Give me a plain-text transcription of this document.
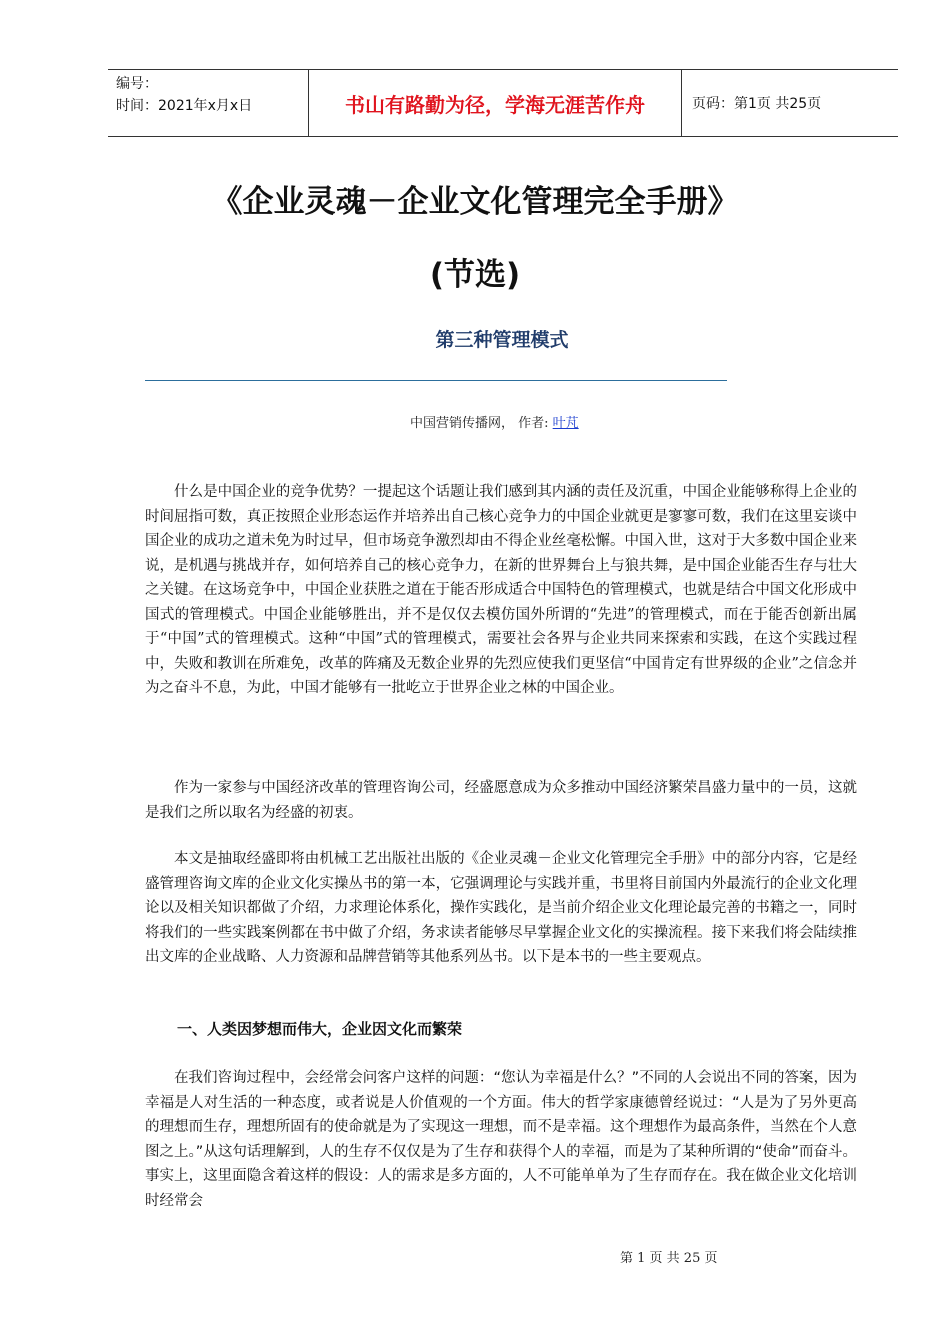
编号：
时间：2021年x月x日	书山有路勤为径，学海无涯苦作舟	页码：第1页 共25页
《企业灵魂－企业文化管理完全手册》
(节选)
第三种管理模式
中国营销传播网， 作者: 叶芃

什么是中国企业的竞争优势？一提起这个话题让我们感到其内涵的责任及沉重，中国企业能够称得上企业的时间屈指可数，真正按照企业形态运作并培养出自己核心竞争力的中国企业就更是寥寥可数，我们在这里妄谈中国企业的成功之道未免为时过早，但市场竞争激烈却由不得企业丝毫松懈。中国入世，这对于大多数中国企业来说，是机遇与挑战并存，如何培养自己的核心竞争力，在新的世界舞台上与狼共舞，是中国企业能否生存与壮大之关键。在这场竞争中，中国企业获胜之道在于能否形成适合中国特色的管理模式，也就是结合中国文化形成中国式的管理模式。中国企业能够胜出，并不是仅仅去模仿国外所谓的“先进”的管理模式，而在于能否创新出属于“中国”式的管理模式。这种“中国”式的管理模式，需要社会各界与企业共同来探索和实践，在这个实践过程中，失败和教训在所难免，改革的阵痛及无数企业界的先烈应使我们更坚信“中国肯定有世界级的企业”之信念并为之奋斗不息，为此，中国才能够有一批屹立于世界企业之林的中国企业。

作为一家参与中国经济改革的管理咨询公司，经盛愿意成为众多推动中国经济繁荣昌盛力量中的一员，这就是我们之所以取名为经盛的初衷。

本文是抽取经盛即将由机械工艺出版社出版的《企业灵魂－企业文化管理完全手册》中的部分内容，它是经盛管理咨询文库的企业文化实操丛书的第一本，它强调理论与实践并重，书里将目前国内外最流行的企业文化理论以及相关知识都做了介绍，力求理论体系化，操作实践化，是当前介绍企业文化理论最完善的书籍之一，同时将我们的一些实践案例都在书中做了介绍，务求读者能够尽早掌握企业文化的实操流程。接下来我们将会陆续推出文库的企业战略、人力资源和品牌营销等其他系列丛书。以下是本书的一些主要观点。

一、人类因梦想而伟大，企业因文化而繁荣

在我们咨询过程中，会经常会问客户这样的问题：“您认为幸福是什么？”不同的人会说出不同的答案，因为幸福是人对生活的一种态度，或者说是人价值观的一个方面。伟大的哲学家康德曾经说过：“人是为了另外更高的理想而生存，理想所固有的使命就是为了实现这一理想，而不是幸福。这个理想作为最高条件，当然在个人意图之上。”从这句话理解到，人的生存不仅仅是为了生存和获得个人的幸福，而是为了某种所谓的“使命”而奋斗。事实上，这里面隐含着这样的假设：人的需求是多方面的，人不可能单单为了生存而存在。我在做企业文化培训时经常会

第 1 页 共 25 页
